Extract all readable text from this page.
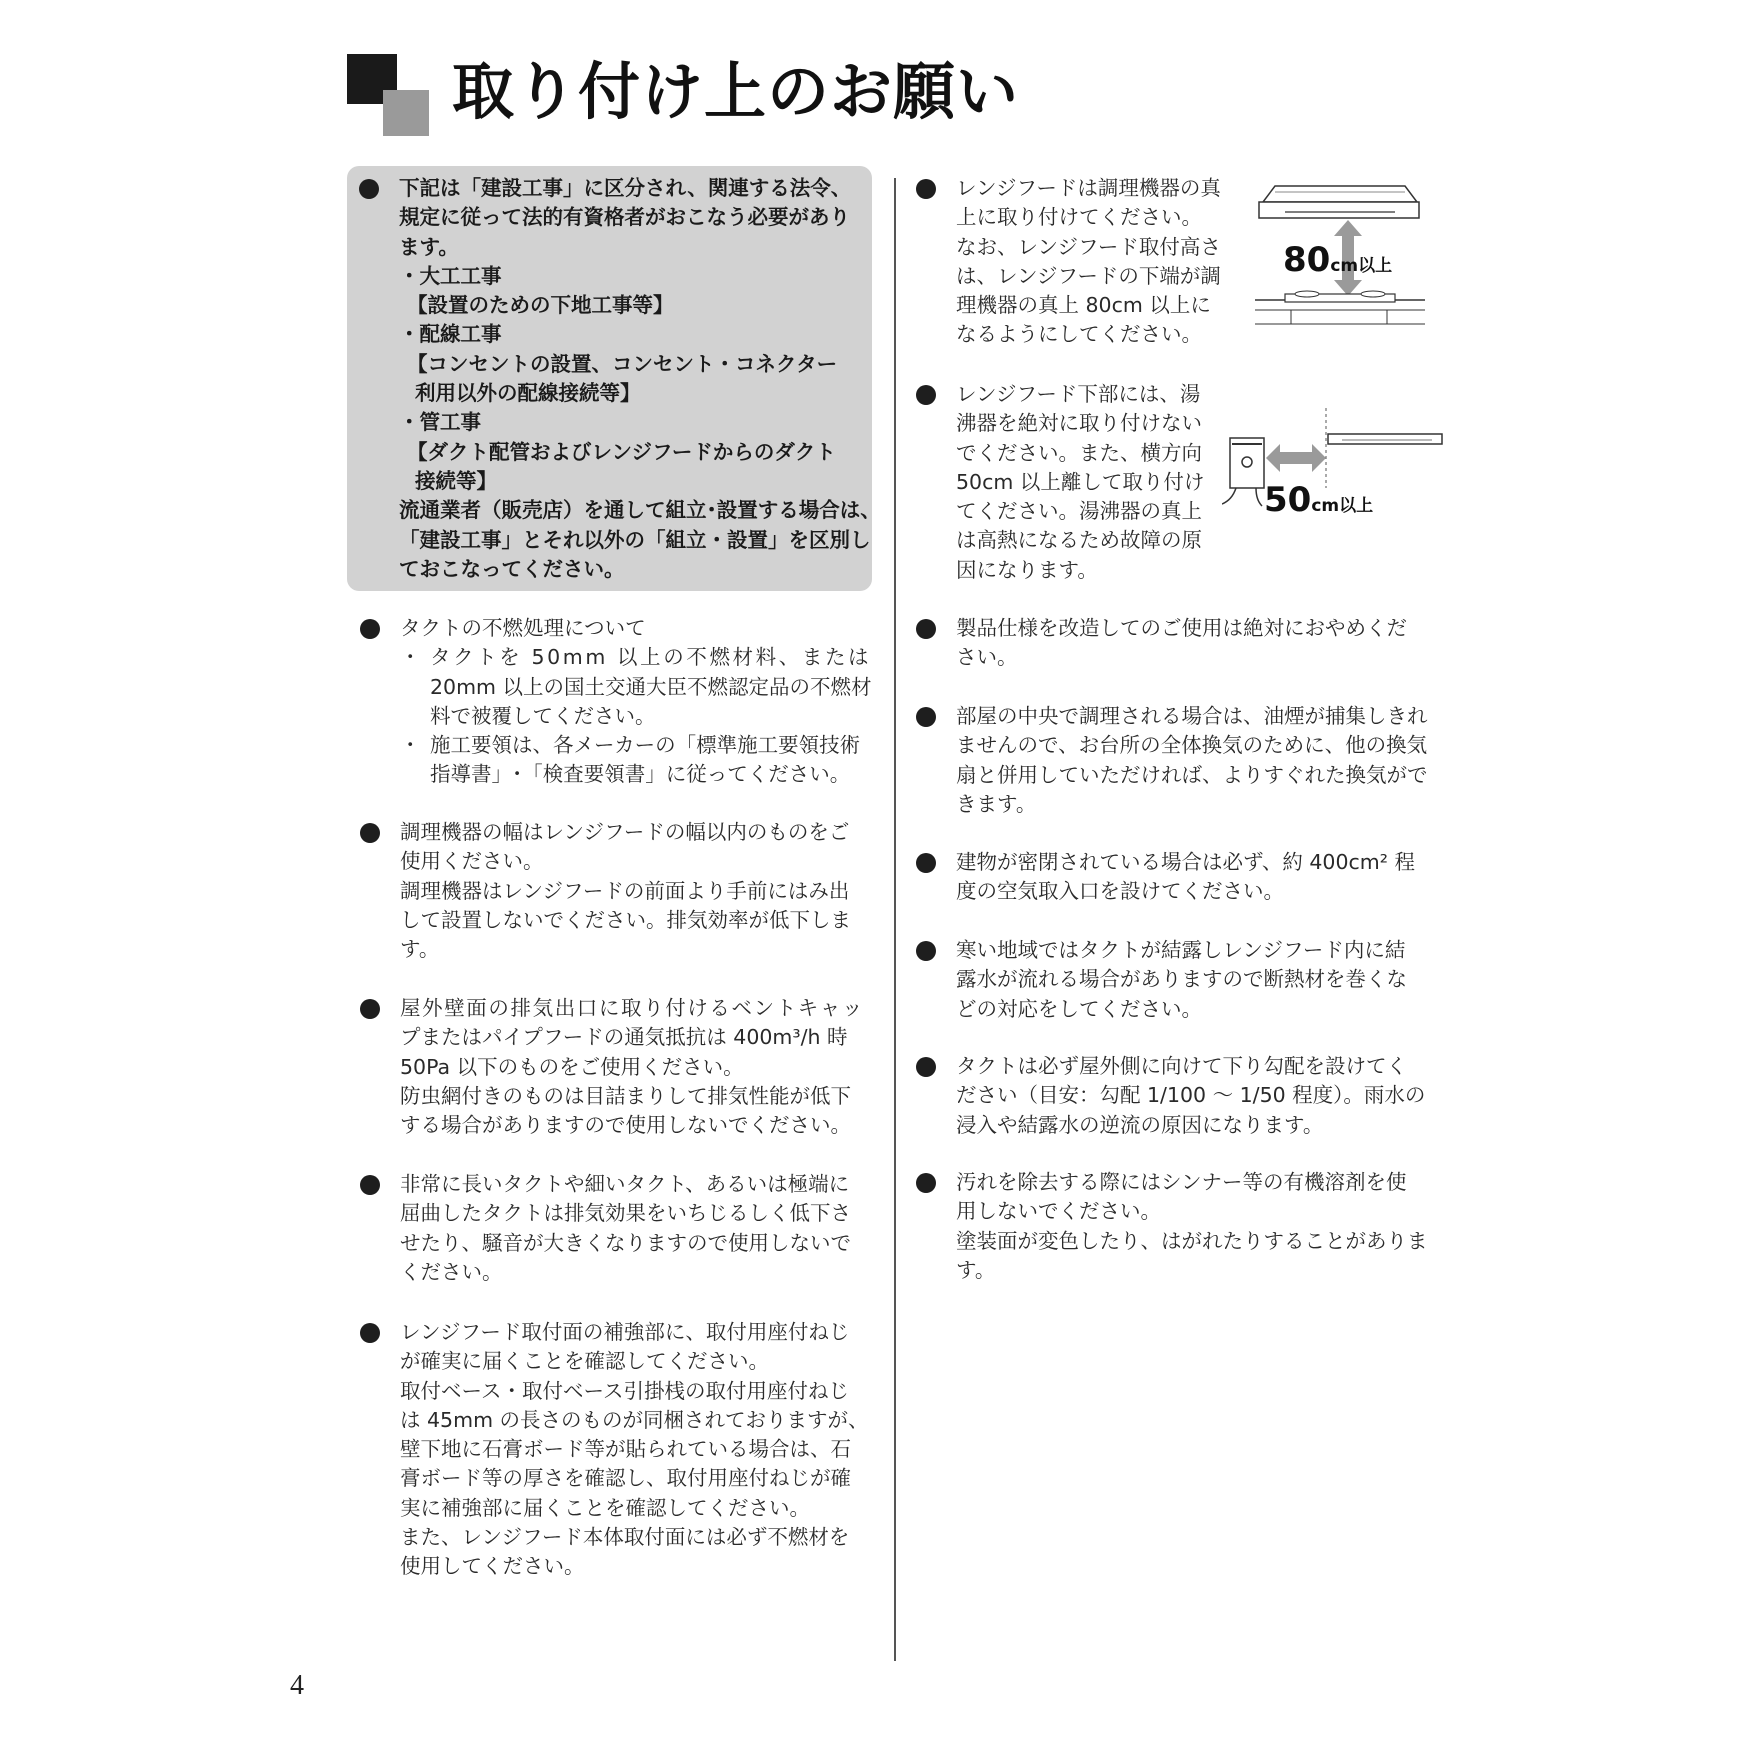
取り付け上のお願い
下記は「建設工事」に区分され、関連する法令、
規定に従って法的有資格者がおこなう必要があり
ます。
・大工工事
【設置のための下地工事等】
・配線工事
【コンセントの設置、コンセント・コネクター
利用以外の配線接続等】
・管工事
【ダクト配管およびレンジフードからのダクト
接続等】
流通業者（販売店）を通して組立･設置する場合は、
「建設工事」とそれ以外の「組立・設置」を区別し
ておこなってください。

タクトの不燃処理について

・ タクトを 50mm 以上の不燃材料、または

20mm 以上の国土交通大臣不燃認定品の不燃材

料で被覆してください。

・ 施工要領は、各メーカーの「標準施工要領技術

指導書」･「検査要領書」に従ってください。

調理機器の幅はレンジフードの幅以内のものをご

使用ください。

調理機器はレンジフードの前面より手前にはみ出

して設置しないでください。排気効率が低下しま

す。

屋外壁面の排気出口に取り付けるベントキャッ

プまたはパイプフードの通気抵抗は 400m³/h 時

50Pa 以下のものをご使用ください。

防虫網付きのものは目詰まりして排気性能が低下

する場合がありますので使用しないでください。

非常に長いタクトや細いタクト、あるいは極端に

屈曲したタクトは排気効果をいちじるしく低下さ

せたり、騒音が大きくなりますので使用しないで

ください。

レンジフード取付面の補強部に、取付用座付ねじ

が確実に届くことを確認してください。

取付ベース・取付ベース引掛桟の取付用座付ねじ

は 45mm の長さのものが同梱されておりますが、

壁下地に石膏ボード等が貼られている場合は、石

膏ボード等の厚さを確認し、取付用座付ねじが確

実に補強部に届くことを確認してください。

また、レンジフード本体取付面には必ず不燃材を

使用してください。

レンジフードは調理機器の真

上に取り付けてください。

なお、レンジフード取付高さ

は、レンジフードの下端が調

理機器の真上 80cm 以上に

なるようにしてください。

レンジフード下部には、湯

沸器を絶対に取り付けない

でください。また、横方向

50cm 以上離して取り付け

てください。湯沸器の真上

は高熱になるため故障の原

因になります。

製品仕様を改造してのご使用は絶対におやめくだ

さい。

部屋の中央で調理される場合は、油煙が捕集しきれ

ませんので、お台所の全体換気のために、他の換気

扇と併用していただければ、よりすぐれた換気がで

きます。

建物が密閉されている場合は必ず、約 400cm² 程

度の空気取入口を設けてください。

寒い地域ではタクトが結露しレンジフード内に結

露水が流れる場合がありますので断熱材を巻くな

どの対応をしてください。

タクトは必ず屋外側に向けて下り勾配を設けてく

ださい（目安：勾配 1/100 ～ 1/50 程度）。雨水の

浸入や結露水の逆流の原因になります。

汚れを除去する際にはシンナー等の有機溶剤を使

用しないでください。

塗装面が変色したり、はがれたりすることがありま

す。

80cm以上
50cm以上
4
